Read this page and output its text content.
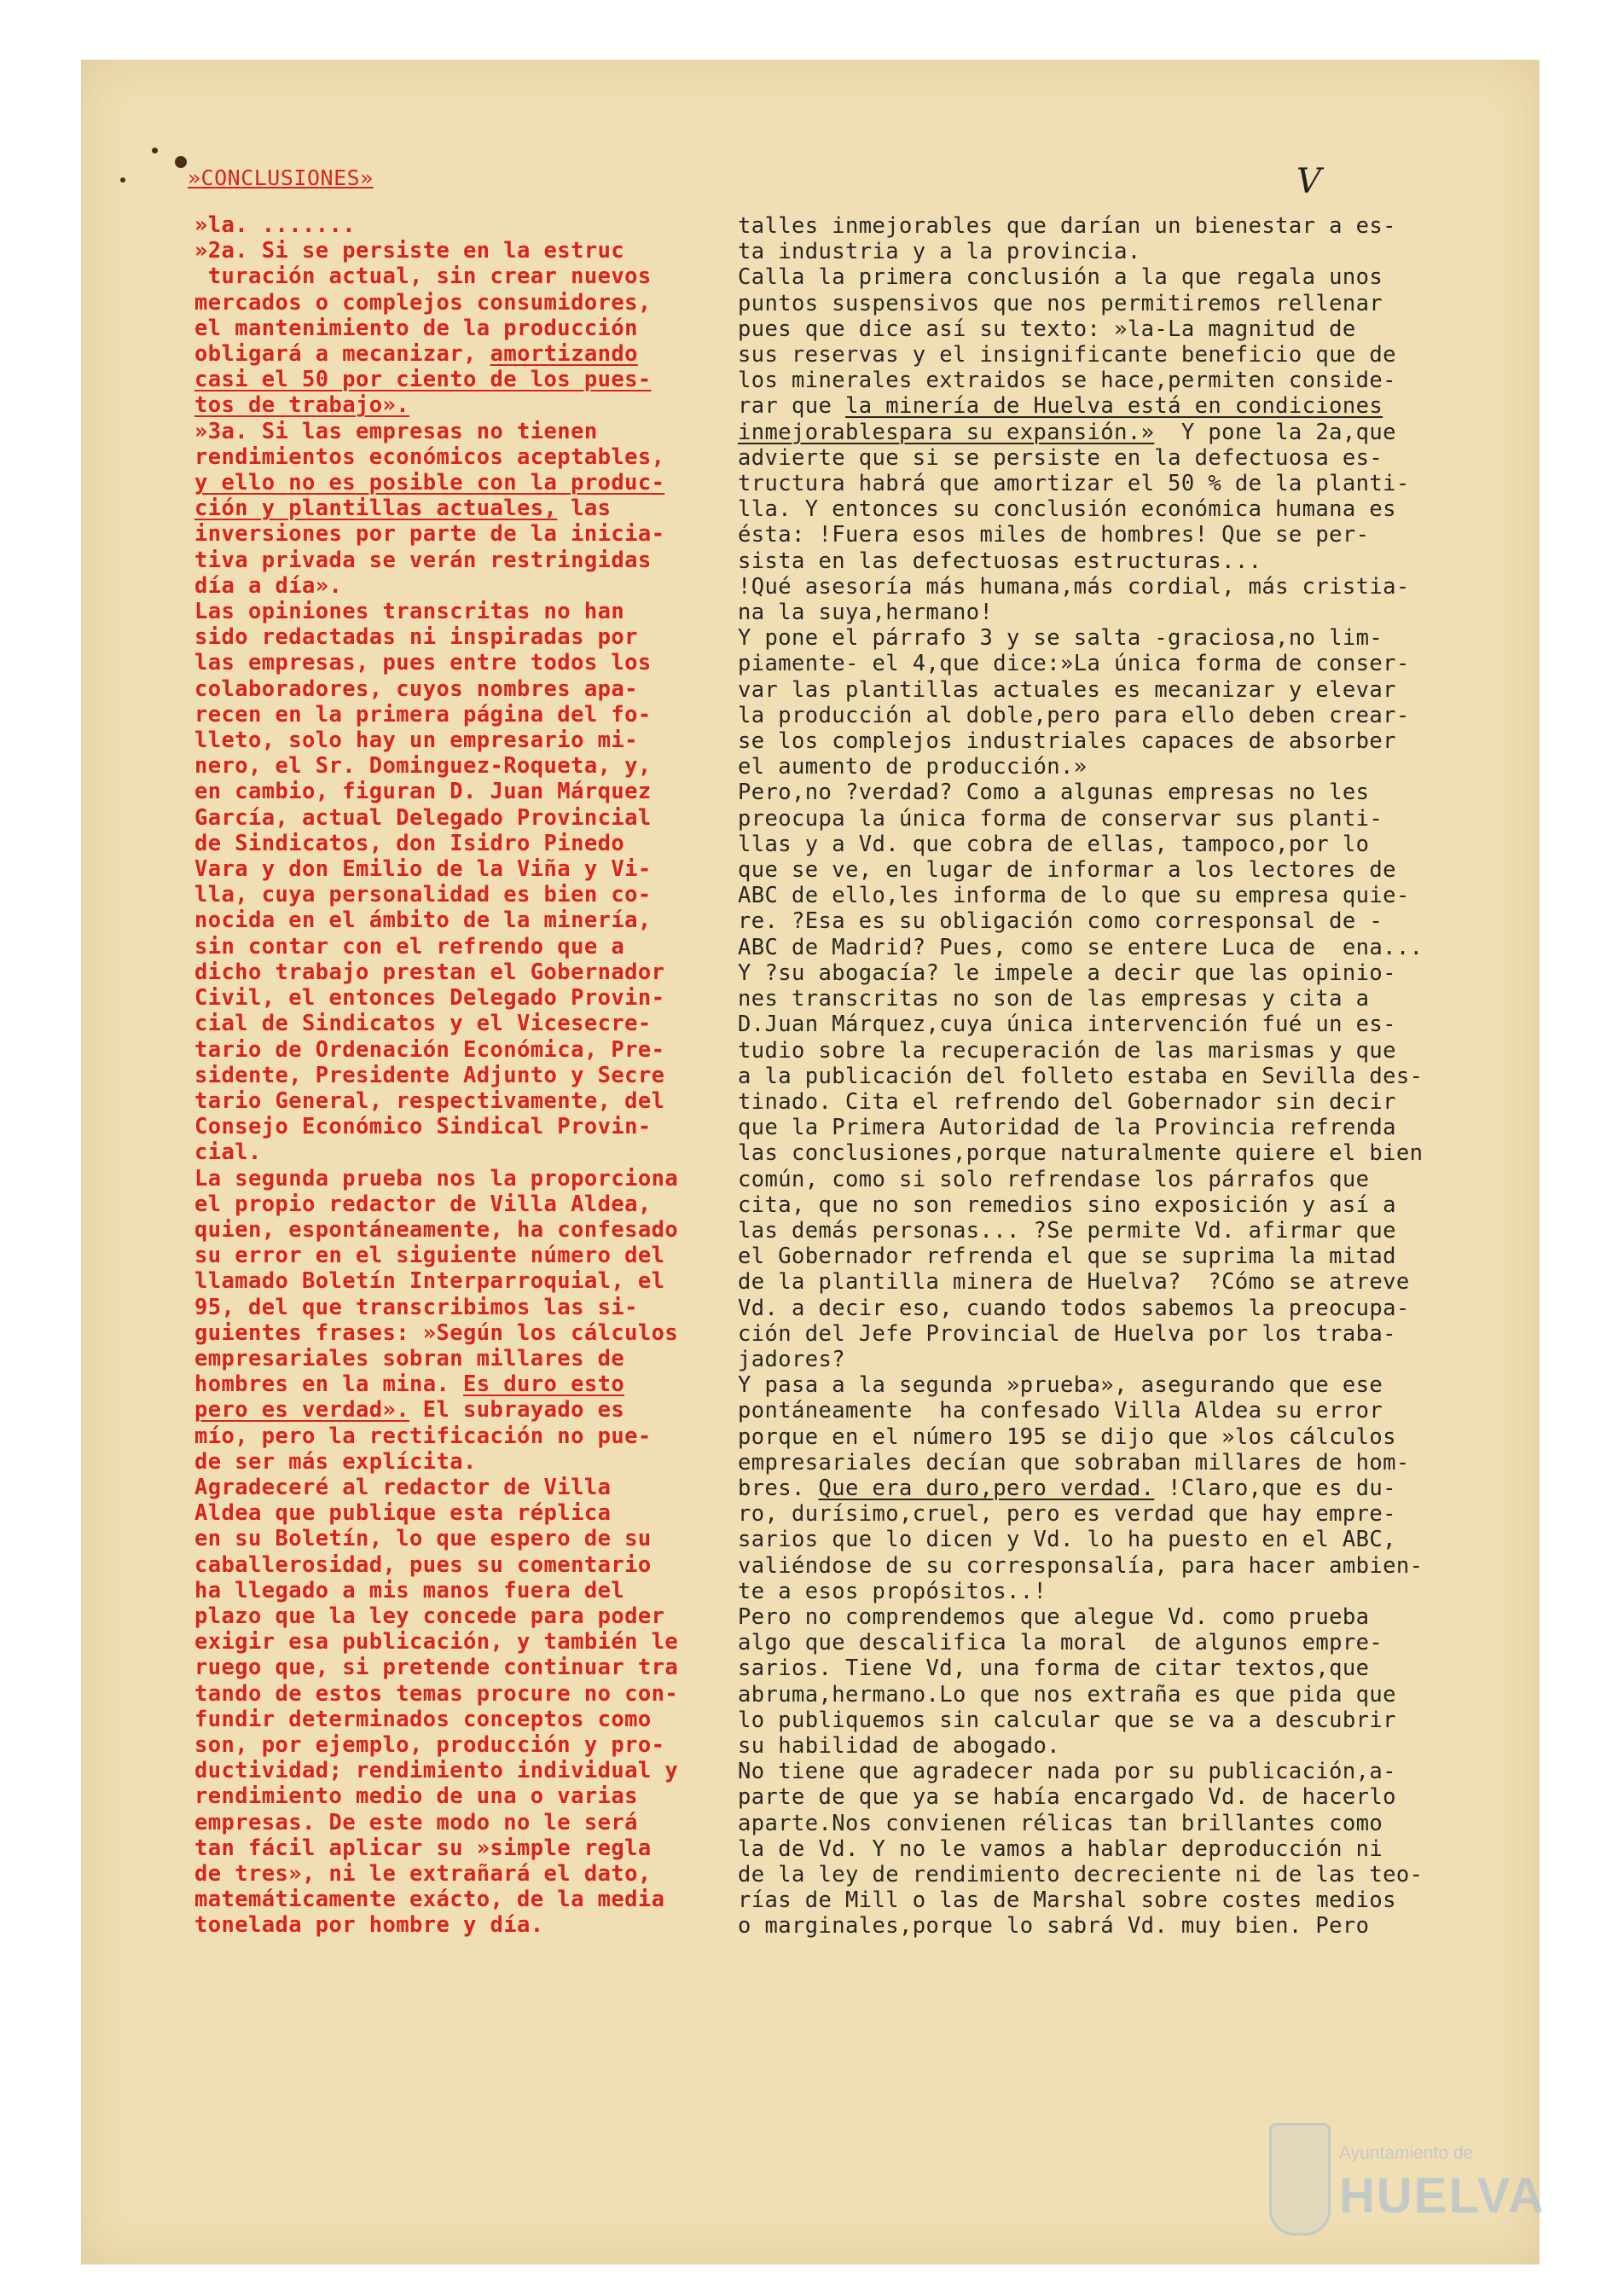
»CONCLUSIONES»	V

»la. .......

»2a. Si se persiste en la estruc

turación actual, sin crear nuevos

mercados o complejos consumidores,

el mantenimiento de la producción

obligará a mecanizar, amortizando

casi el 50 por ciento de los pues-

tos de trabajo».

»3a. Si las empresas no tienen

rendimientos económicos aceptables,

y ello no es posible con la produc-

ción y plantillas actuales, las

inversiones por parte de la inicia-

tiva privada se verán restringidas

día a día».

Las opiniones transcritas no han

sido redactadas ni inspiradas por

las empresas, pues entre todos los

colaboradores, cuyos nombres apa-

recen en la primera página del fo-

lleto, solo hay un empresario mi-

nero, el Sr. Dominguez-Roqueta, y,

en cambio, figuran D. Juan Márquez

García, actual Delegado Provincial

de Sindicatos, don Isidro Pinedo

Vara y don Emilio de la Viña y Vi-

lla, cuya personalidad es bien co-

nocida en el ámbito de la minería,

sin contar con el refrendo que a

dicho trabajo prestan el Gobernador

Civil, el entonces Delegado Provin-

cial de Sindicatos y el Vicesecre-

tario de Ordenación Económica, Pre-

sidente, Presidente Adjunto y Secre

tario General, respectivamente, del

Consejo Económico Sindical Provin-

cial.

La segunda prueba nos la proporciona

el propio redactor de Villa Aldea,

quien, espontáneamente, ha confesado

su error en el siguiente número del

llamado Boletín Interparroquial, el

95, del que transcribimos las si-

guientes frases: »Según los cálculos

empresariales sobran millares de

hombres en la mina. Es duro esto

pero es verdad». El subrayado es

mío, pero la rectificación no pue-

de ser más explícita.

Agradeceré al redactor de Villa

Aldea que publique esta réplica

en su Boletín, lo que espero de su

caballerosidad, pues su comentario

ha llegado a mis manos fuera del

plazo que la ley concede para poder

exigir esa publicación, y también le

ruego que, si pretende continuar tra

tando de estos temas procure no con-

fundir determinados conceptos como

son, por ejemplo, producción y pro-

ductividad; rendimiento individual y

rendimiento medio de una o varias

empresas. De este modo no le será

tan fácil aplicar su »simple regla

de tres», ni le extrañará el dato,

matemáticamente exácto, de la media

tonelada por hombre y día.

talles inmejorables que darían un bienestar a es-

ta industria y a la provincia.

Calla la primera conclusión a la que regala unos

puntos suspensivos que nos permitiremos rellenar

pues que dice así su texto: »la-La magnitud de

sus reservas y el insignificante beneficio que de

los minerales extraidos se hace,permiten conside-

rar que la minería de Huelva está en condiciones

inmejorablespara su expansión.»  Y pone la 2a,que

advierte que si se persiste en la defectuosa es-

tructura habrá que amortizar el 50 % de la planti-

lla. Y entonces su conclusión económica humana es

ésta: !Fuera esos miles de hombres! Que se per-

sista en las defectuosas estructuras...

!Qué asesoría más humana,más cordial, más cristia-

na la suya,hermano!

Y pone el párrafo 3 y se salta -graciosa,no lim-

piamente- el 4,que dice:»La única forma de conser-

var las plantillas actuales es mecanizar y elevar

la producción al doble,pero para ello deben crear-

se los complejos industriales capaces de absorber

el aumento de producción.»

Pero,no ?verdad? Como a algunas empresas no les

preocupa la única forma de conservar sus planti-

llas y a Vd. que cobra de ellas, tampoco,por lo

que se ve, en lugar de informar a los lectores de

ABC de ello,les informa de lo que su empresa quie-

re. ?Esa es su obligación como corresponsal de -

ABC de Madrid? Pues, como se entere Luca de  ena...

Y ?su abogacía? le impele a decir que las opinio-

nes transcritas no son de las empresas y cita a

D.Juan Márquez,cuya única intervención fué un es-

tudio sobre la recuperación de las marismas y que

a la publicación del folleto estaba en Sevilla des-

tinado. Cita el refrendo del Gobernador sin decir

que la Primera Autoridad de la Provincia refrenda

las conclusiones,porque naturalmente quiere el bien

común, como si solo refrendase los párrafos que

cita, que no son remedios sino exposición y así a

las demás personas... ?Se permite Vd. afirmar que

el Gobernador refrenda el que se suprima la mitad

de la plantilla minera de Huelva?  ?Cómo se atreve

Vd. a decir eso, cuando todos sabemos la preocupa-

ción del Jefe Provincial de Huelva por los traba-

jadores?

Y pasa a la segunda »prueba», asegurando que ese

pontáneamente  ha confesado Villa Aldea su error

porque en el número 195 se dijo que »los cálculos

empresariales decían que sobraban millares de hom-

bres. Que era duro,pero verdad. !Claro,que es du-

ro, durísimo,cruel, pero es verdad que hay empre-

sarios que lo dicen y Vd. lo ha puesto en el ABC,

valiéndose de su corresponsalía, para hacer ambien-

te a esos propósitos..!

Pero no comprendemos que alegue Vd. como prueba

algo que descalifica la moral  de algunos empre-

sarios. Tiene Vd, una forma de citar textos,que

abruma,hermano.Lo que nos extraña es que pida que

lo publiquemos sin calcular que se va a descubrir

su habilidad de abogado.

No tiene que agradecer nada por su publicación,a-

parte de que ya se había encargado Vd. de hacerlo

aparte.Nos convienen rélicas tan brillantes como

la de Vd. Y no le vamos a hablar deproducción ni

de la ley de rendimiento decreciente ni de las teo-

rías de Mill o las de Marshal sobre costes medios

o marginales,porque lo sabrá Vd. muy bien. Pero

Ayuntamiento de
HUELVA
